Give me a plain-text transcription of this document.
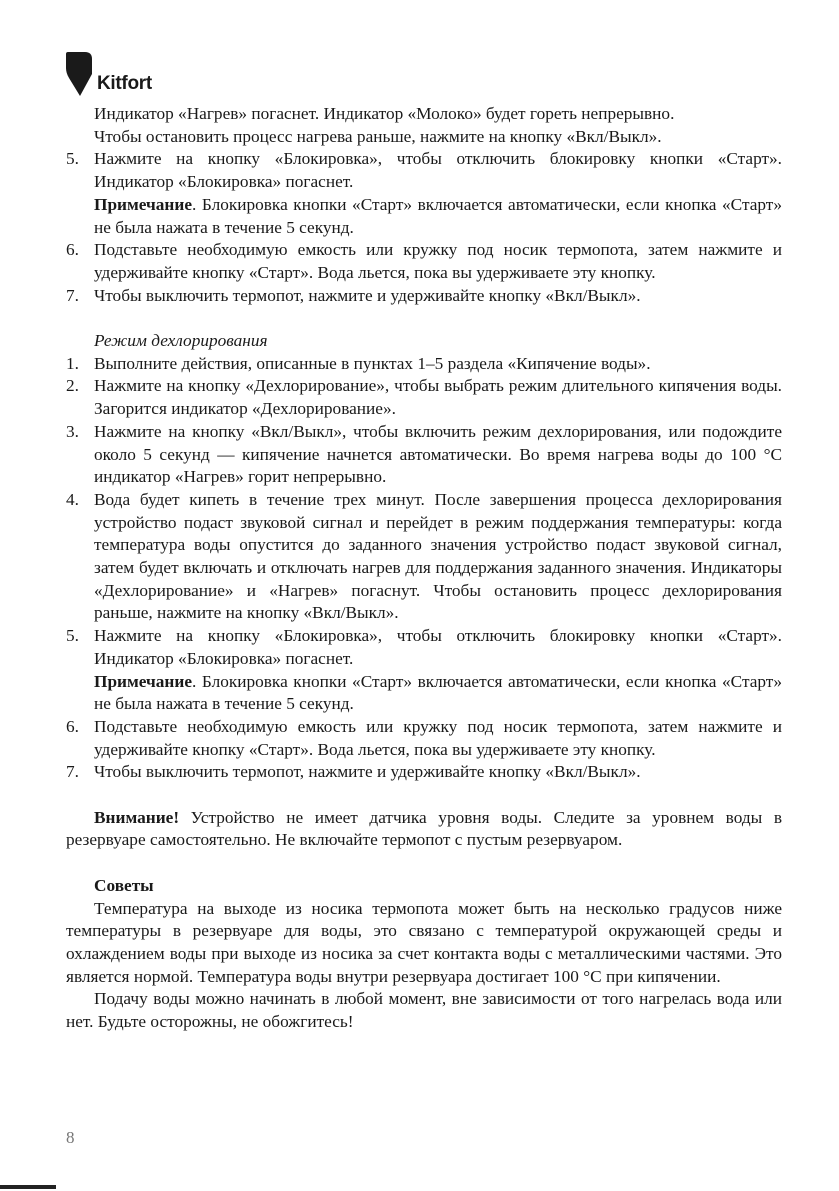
Kitfort

Индикатор «Нагрев» погаснет. Индикатор «Молоко» будет гореть непрерывно.

Чтобы остановить процесс нагрева раньше, нажмите на кнопку «Вкл/Выкл».

5. Нажмите на кнопку «Блокировка», чтобы отключить блокировку кнопки «Старт». Индикатор «Блокировка» погаснет.

Примечание. Блокировка кнопки «Старт» включается автоматически, если кнопка «Старт» не была нажата в течение 5 секунд.

6. Подставьте необходимую емкость или кружку под носик термопота, затем нажмите и удерживайте кнопку «Старт». Вода льется, пока вы удерживаете эту кнопку.

7. Чтобы выключить термопот, нажмите и удерживайте кнопку «Вкл/Выкл».

Режим дехлорирования

1. Выполните действия, описанные в пунктах 1–5 раздела «Кипячение воды».

2. Нажмите на кнопку «Дехлорирование», чтобы выбрать режим длительного кипячения воды. Загорится индикатор «Дехлорирование».

3. Нажмите на кнопку «Вкл/Выкл», чтобы включить режим дехлорирования, или подождите около 5 секунд — кипячение начнется автоматически. Во время нагрева воды до 100 °С индикатор «Нагрев» горит непрерывно.

4. Вода будет кипеть в течение трех минут. После завершения процесса дехлорирования устройство подаст звуковой сигнал и перейдет в режим поддержания температуры: когда температура воды опустится до заданного значения устройство подаст звуковой сигнал, затем будет включать и отключать нагрев для поддержания заданного значения. Индикаторы «Дехлорирование» и «Нагрев» погаснут. Чтобы остановить процесс дехлорирования раньше, нажмите на кнопку «Вкл/Выкл».

5. Нажмите на кнопку «Блокировка», чтобы отключить блокировку кнопки «Старт». Индикатор «Блокировка» погаснет.

Примечание. Блокировка кнопки «Старт» включается автоматически, если кнопка «Старт» не была нажата в течение 5 секунд.

6. Подставьте необходимую емкость или кружку под носик термопота, затем нажмите и удерживайте кнопку «Старт». Вода льется, пока вы удерживаете эту кнопку.

7. Чтобы выключить термопот, нажмите и удерживайте кнопку «Вкл/Выкл».

Внимание! Устройство не имеет датчика уровня воды. Следите за уровнем воды в резервуаре самостоятельно. Не включайте термопот с пустым резервуаром.

Советы

Температура на выходе из носика термопота может быть на несколько градусов ниже температуры в резервуаре для воды, это связано с температурой окружающей среды и охлаждением воды при выходе из носика за счет контакта воды с металлическими частями. Это является нормой. Температура воды внутри резервуара достигает 100 °С при кипячении.

Подачу воды можно начинать в любой момент, вне зависимости от того нагрелась вода или нет. Будьте осторожны, не обожгитесь!

8
